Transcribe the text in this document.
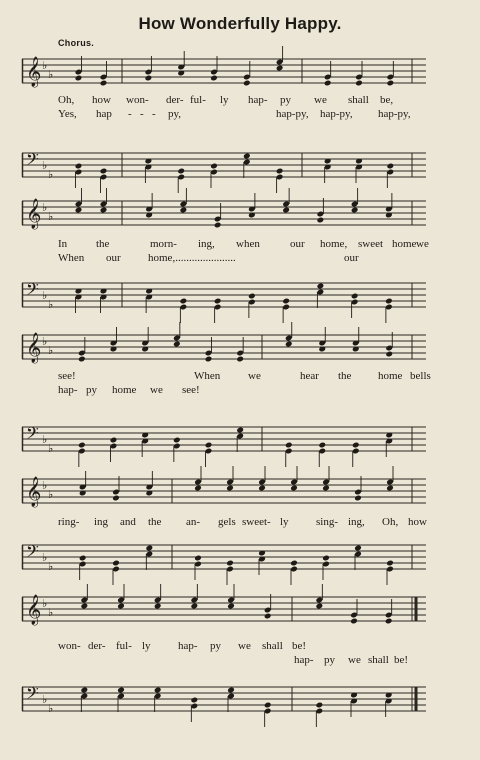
How Wonderfully Happy.
Chorus.
𝄞 ♭
♭
Oh, how won- der- ful- ly hap- py we shall be,
Yes, hap - - - py,	hap-py, hap-py, hap-py,
𝄢 ♭
♭
𝄞 ♭
♭
In	the	morn- ing, when	our home, sweet home we
When our home,......................	our
𝄢 ♭
♭
𝄞 ♭
♭
see!	When	we	hear the home bells
hap- py home we see!
𝄢 ♭
♭
𝄞 ♭
♭
ring- ing and the an- gels sweet- ly sing- ing, Oh, how
𝄢 ♭
♭
𝄞 ♭
♭
won- der- ful- ly hap- py we shall be!
hap- py we shall be!
𝄢 ♭
♭
